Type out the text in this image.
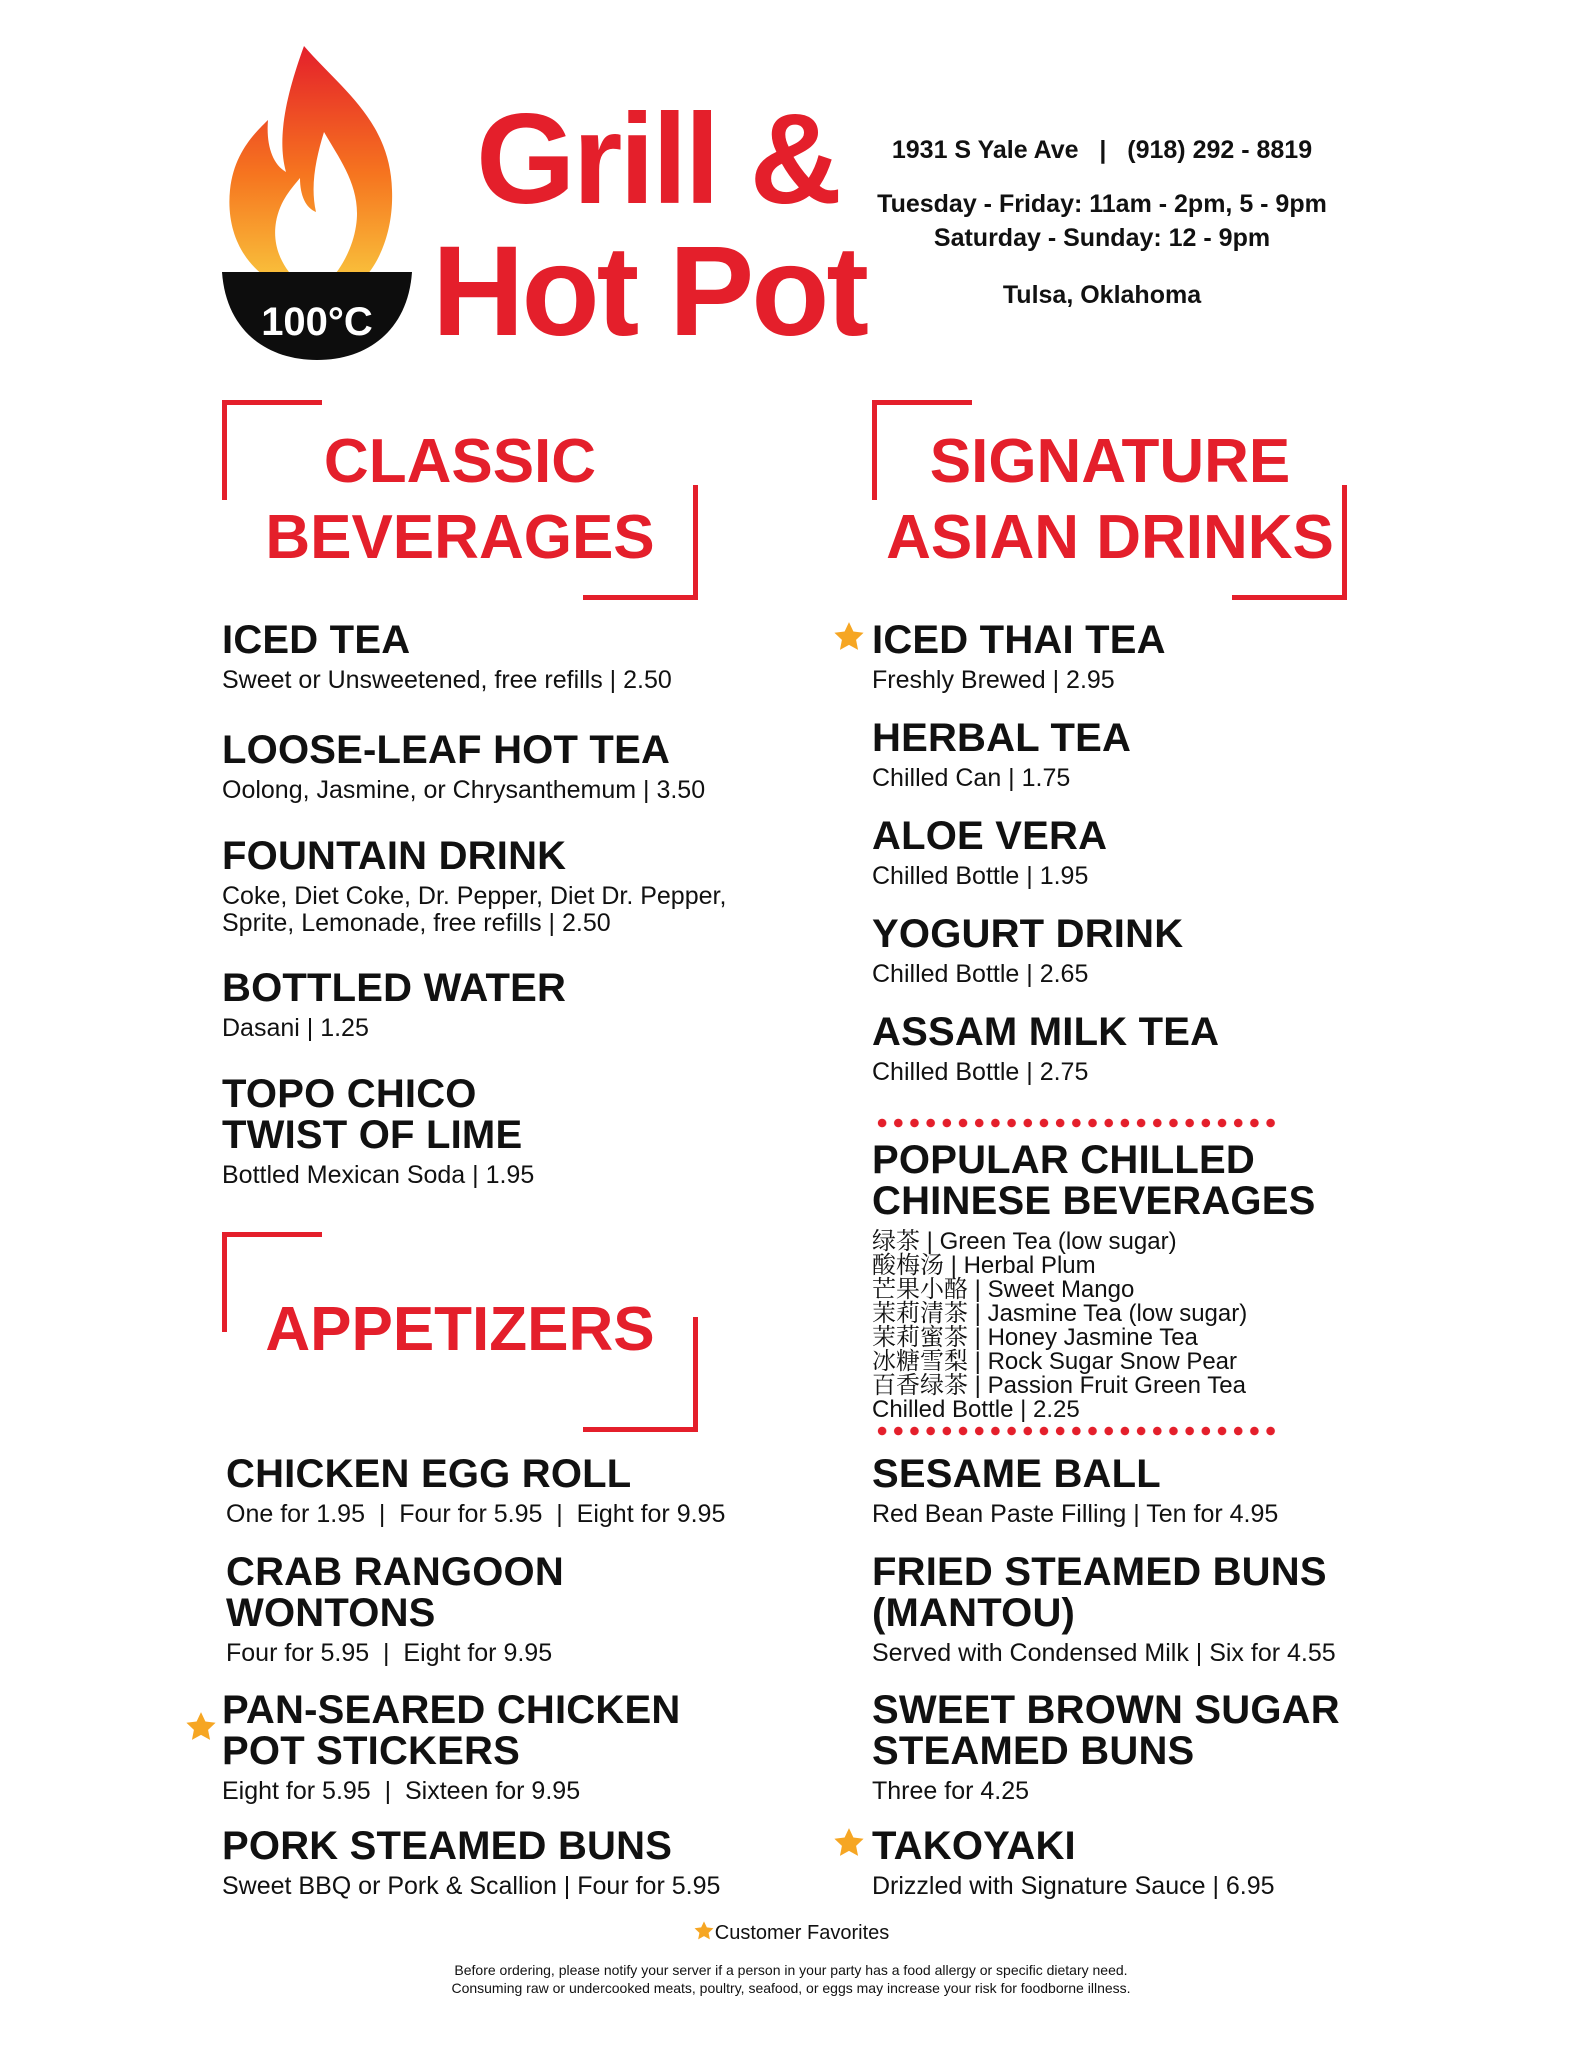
100°C
Grill &
Hot Pot
1931 S Yale Ave   |   (918) 292 - 8819
Tuesday - Friday: 11am - 2pm, 5 - 9pm
Saturday - Sunday: 12 - 9pm
Tulsa, Oklahoma
CLASSIC
BEVERAGES
SIGNATURE
ASIAN DRINKS
ICED TEA
Sweet or Unsweetened, free refills | 2.50
LOOSE-LEAF HOT TEA
Oolong, Jasmine, or Chrysanthemum | 3.50
FOUNTAIN DRINK
Coke, Diet Coke, Dr. Pepper, Diet Dr. Pepper,
Sprite, Lemonade, free refills | 2.50
BOTTLED WATER
Dasani | 1.25
TOPO CHICO
TWIST OF LIME
Bottled Mexican Soda | 1.95
ICED THAI TEA
Freshly Brewed | 2.95
HERBAL TEA
Chilled Can | 1.75
ALOE VERA
Chilled Bottle | 1.95
YOGURT DRINK
Chilled Bottle | 2.65
ASSAM MILK TEA
Chilled Bottle | 2.75
POPULAR CHILLED
CHINESE BEVERAGES
绿茶 | Green Tea (low sugar)
酸梅汤 | Herbal Plum
芒果小酪 | Sweet Mango
茉莉清茶 | Jasmine Tea (low sugar)
茉莉蜜茶 | Honey Jasmine Tea
冰糖雪梨 | Rock Sugar Snow Pear
百香绿茶 | Passion Fruit Green Tea
Chilled Bottle | 2.25
APPETIZERS
CHICKEN EGG ROLL
One for 1.95  |  Four for 5.95  |  Eight for 9.95
CRAB RANGOON
WONTONS
Four for 5.95  |  Eight for 9.95
PAN-SEARED CHICKEN
POT STICKERS
Eight for 5.95  |  Sixteen for 9.95
PORK STEAMED BUNS
Sweet BBQ or Pork & Scallion | Four for 5.95
SESAME BALL
Red Bean Paste Filling | Ten for 4.95
FRIED STEAMED BUNS
(MANTOU)
Served with Condensed Milk | Six for 4.55
SWEET BROWN SUGAR
STEAMED BUNS
Three for 4.25
TAKOYAKI
Drizzled with Signature Sauce | 6.95
Customer Favorites
Before ordering, please notify your server if a person in your party has a food allergy or specific dietary need.
Consuming raw or undercooked meats, poultry, seafood, or eggs may increase your risk for foodborne illness.
